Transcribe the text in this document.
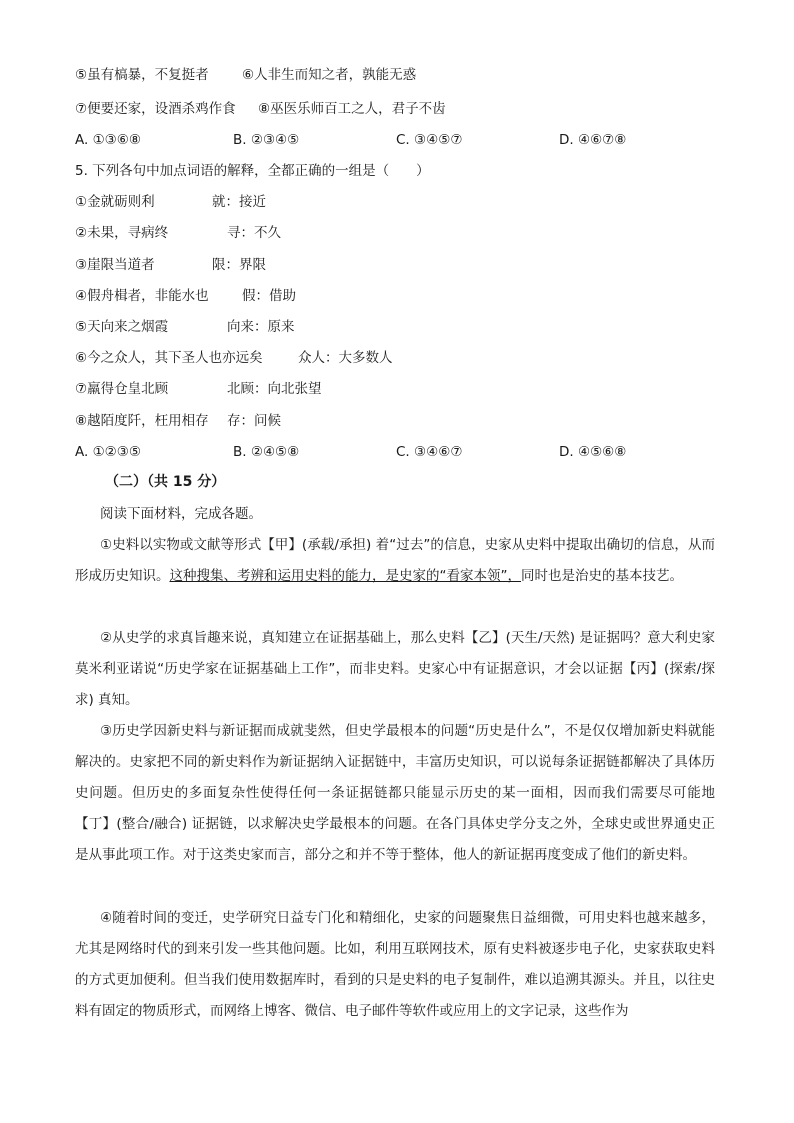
⑤虽有槁暴，不复挺者 ⑥人非生而知之者，孰能无惑
⑦便要还家，设酒杀鸡作食 ⑧巫医乐师百工之人，君子不齿
A. ①③⑥⑧	B. ②③④⑤	C. ③④⑤⑦	D. ④⑥⑦⑧
5. 下列各句中加点词语的解释，全都正确的一组是（　　）
①金就砺则利	就：接近
②未果，寻病终	寻：不久
③崖限当道者	限：界限
④假舟楫者，非能水也 假：借助
⑤天向来之烟霞	向来：原来
⑥今之众人，其下圣人也亦远矣	众人：大多数人
⑦羸得仓皇北顾	北顾：向北张望
⑧越陌度阡，枉用相存 存：问候
A. ①②③⑤	B. ②④⑤⑧	C. ③④⑥⑦	D. ④⑤⑥⑧
（二）（共 15 分）
阅读下面材料，完成各题。
①史料以实物或文献等形式【甲】(承载/承担) 着“过去”的信息，史家从史料中提取出确切的信息，从而形成历史知识。这种搜集、考辨和运用史料的能力，是史家的“看家本领”，同时也是治史的基本技艺。
②从史学的求真旨趣来说，真知建立在证据基础上，那么史料【乙】(天生/天然) 是证据吗？意大利史家莫米利亚诺说“历史学家在证据基础上工作”，而非史料。史家心中有证据意识，才会以证据【丙】(探索/探求) 真知。
③历史学因新史料与新证据而成就斐然，但史学最根本的问题“历史是什么”，不是仅仅增加新史料就能解决的。史家把不同的新史料作为新证据纳入证据链中，丰富历史知识，可以说每条证据链都解决了具体历史问题。但历史的多面复杂性使得任何一条证据链都只能显示历史的某一面相，因而我们需要尽可能地【丁】(整合/融合) 证据链，以求解决史学最根本的问题。在各门具体史学分支之外，全球史或世界通史正是从事此项工作。对于这类史家而言，部分之和并不等于整体，他人的新证据再度变成了他们的新史料。
④随着时间的变迁，史学研究日益专门化和精细化，史家的问题聚焦日益细微，可用史料也越来越多，尤其是网络时代的到来引发一些其他问题。比如，利用互联网技术，原有史料被逐步电子化，史家获取史料的方式更加便利。但当我们使用数据库时，看到的只是史料的电子复制件，难以追溯其源头。并且，以往史料有固定的物质形式，而网络上博客、微信、电子邮件等软件或应用上的文字记录，这些作为
